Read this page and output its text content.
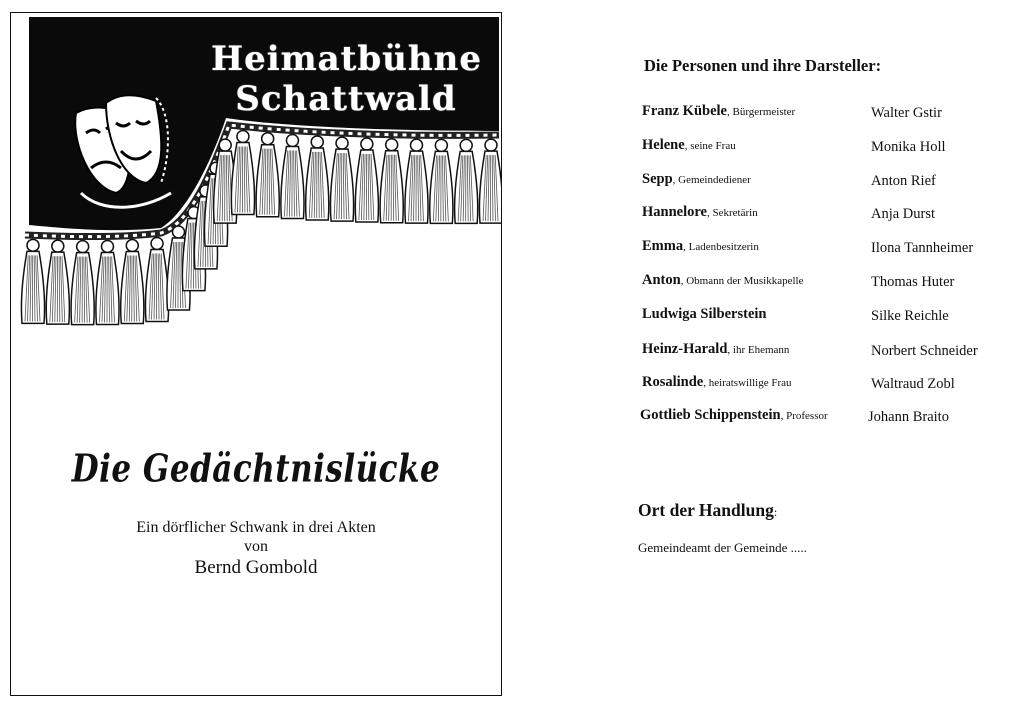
Heimatbühne
Schattwald
Die Gedächtnislücke
Ein dörflicher Schwank in drei Akten
von
Bernd Gombold
Die Personen und ihre Darsteller:
Franz Kübele, Bürgermeister	Walter Gstir
Helene, seine Frau	Monika Holl
Sepp, Gemeindediener	Anton Rief
Hannelore, Sekretärin	Anja Durst
Emma, Ladenbesitzerin	Ilona Tannheimer
Anton, Obmann der Musikkapelle	Thomas Huter
Ludwiga Silberstein	Silke Reichle
Heinz-Harald, ihr Ehemann	Norbert Schneider
Rosalinde, heiratswillige Frau	Waltraud Zobl
Gottlieb Schippenstein, Professor	Johann Braito
Ort der Handlung:
Gemeindeamt der Gemeinde .....
